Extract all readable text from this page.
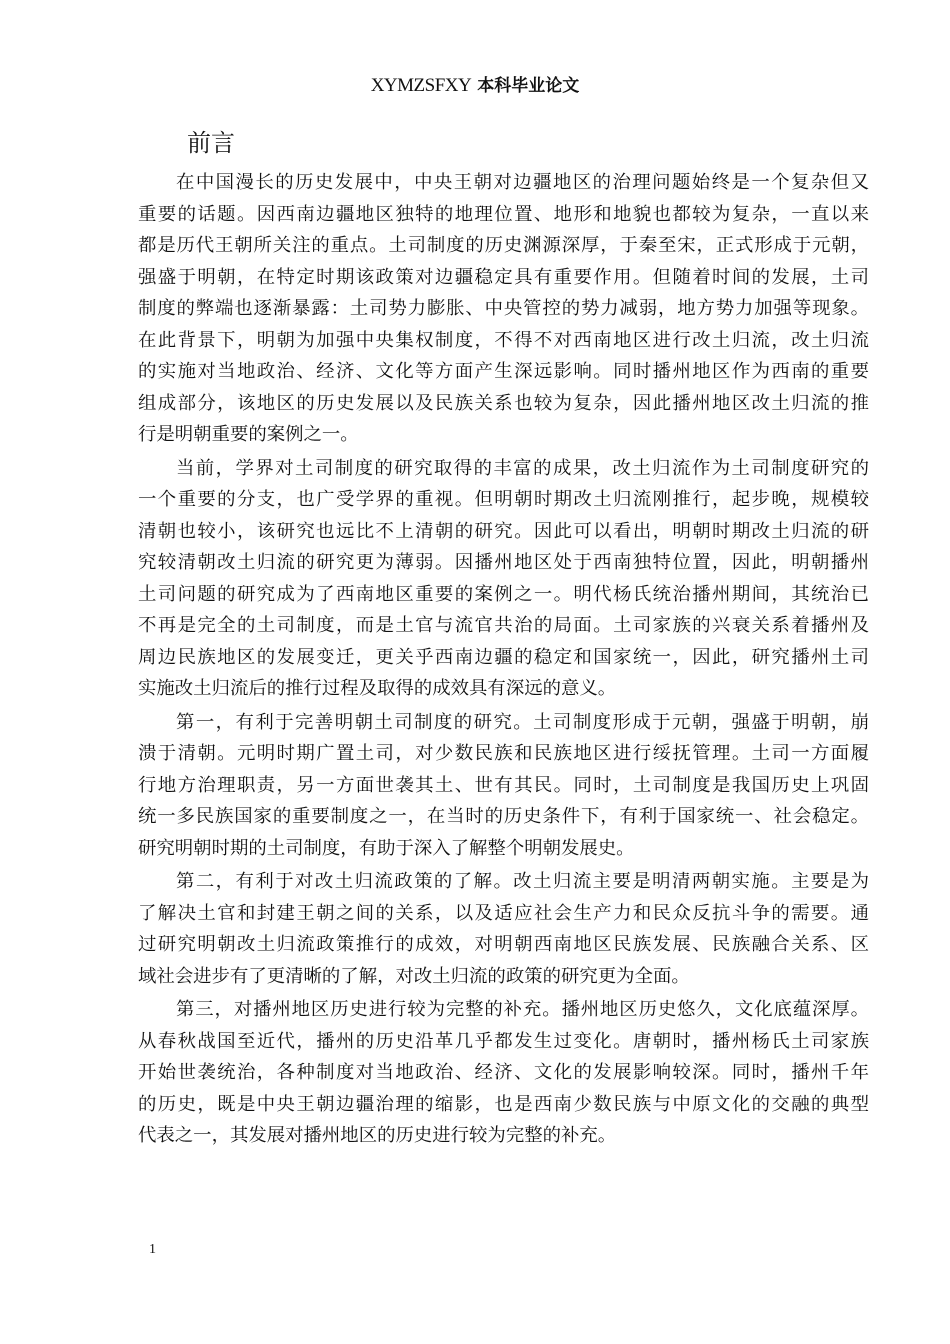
XYMZSFXY 本科毕业论文
前言
在中国漫长的历史发展中，中央王朝对边疆地区的治理问题始终是一个复杂但又
重要的话题。因西南边疆地区独特的地理位置、地形和地貌也都较为复杂，一直以来
都是历代王朝所关注的重点。土司制度的历史渊源深厚，于秦至宋，正式形成于元朝，
强盛于明朝，在特定时期该政策对边疆稳定具有重要作用。但随着时间的发展，土司
制度的弊端也逐渐暴露：土司势力膨胀、中央管控的势力减弱，地方势力加强等现象。
在此背景下，明朝为加强中央集权制度，不得不对西南地区进行改土归流，改土归流
的实施对当地政治、经济、文化等方面产生深远影响。同时播州地区作为西南的重要
组成部分，该地区的历史发展以及民族关系也较为复杂，因此播州地区改土归流的推
行是明朝重要的案例之一。
当前，学界对土司制度的研究取得的丰富的成果，改土归流作为土司制度研究的
一个重要的分支，也广受学界的重视。但明朝时期改土归流刚推行，起步晚，规模较
清朝也较小，该研究也远比不上清朝的研究。因此可以看出，明朝时期改土归流的研
究较清朝改土归流的研究更为薄弱。因播州地区处于西南独特位置，因此，明朝播州
土司问题的研究成为了西南地区重要的案例之一。明代杨氏统治播州期间，其统治已
不再是完全的土司制度，而是土官与流官共治的局面。土司家族的兴衰关系着播州及
周边民族地区的发展变迁，更关乎西南边疆的稳定和国家统一，因此，研究播州土司
实施改土归流后的推行过程及取得的成效具有深远的意义。
第一，有利于完善明朝土司制度的研究。土司制度形成于元朝，强盛于明朝，崩
溃于清朝。元明时期广置土司，对少数民族和民族地区进行绥抚管理。土司一方面履
行地方治理职责，另一方面世袭其土、世有其民。同时，土司制度是我国历史上巩固
统一多民族国家的重要制度之一，在当时的历史条件下，有利于国家统一、社会稳定。
研究明朝时期的土司制度，有助于深入了解整个明朝发展史。
第二，有利于对改土归流政策的了解。改土归流主要是明清两朝实施。主要是为
了解决土官和封建王朝之间的关系，以及适应社会生产力和民众反抗斗争的需要。通
过研究明朝改土归流政策推行的成效，对明朝西南地区民族发展、民族融合关系、区
域社会进步有了更清晰的了解，对改土归流的政策的研究更为全面。
第三，对播州地区历史进行较为完整的补充。播州地区历史悠久，文化底蕴深厚。
从春秋战国至近代，播州的历史沿革几乎都发生过变化。唐朝时，播州杨氏土司家族
开始世袭统治，各种制度对当地政治、经济、文化的发展影响较深。同时，播州千年
的历史，既是中央王朝边疆治理的缩影，也是西南少数民族与中原文化的交融的典型
代表之一，其发展对播州地区的历史进行较为完整的补充。
1
